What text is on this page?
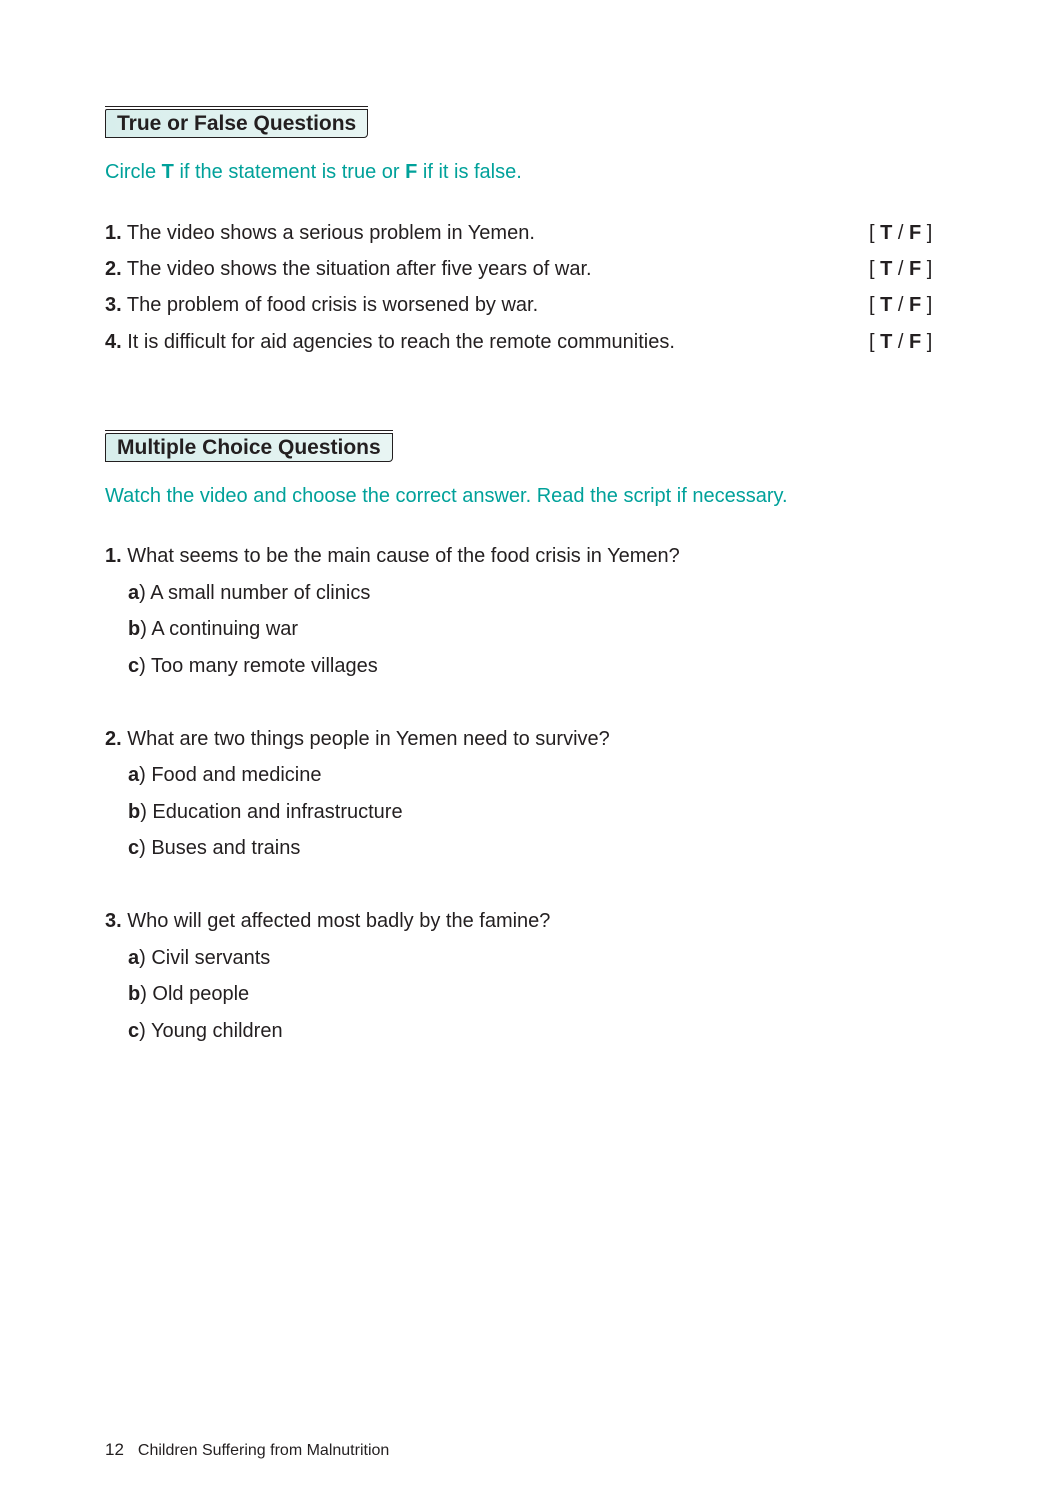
True or False Questions
Circle T if the statement is true or F if it is false.
1. The video shows a serious problem in Yemen.	[ T / F ]
2. The video shows the situation after five years of war.	[ T / F ]
3. The problem of food crisis is worsened by war.	[ T / F ]
4. It is difficult for aid agencies to reach the remote communities.	[ T / F ]
Multiple Choice Questions
Watch the video and choose the correct answer. Read the script if necessary.
1. What seems to be the main cause of the food crisis in Yemen?
a) A small number of clinics
b) A continuing war
c) Too many remote villages
2. What are two things people in Yemen need to survive?
a) Food and medicine
b) Education and infrastructure
c) Buses and trains
3. Who will get affected most badly by the famine?
a) Civil servants
b) Old people
c) Young children
12 Children Suffering from Malnutrition
